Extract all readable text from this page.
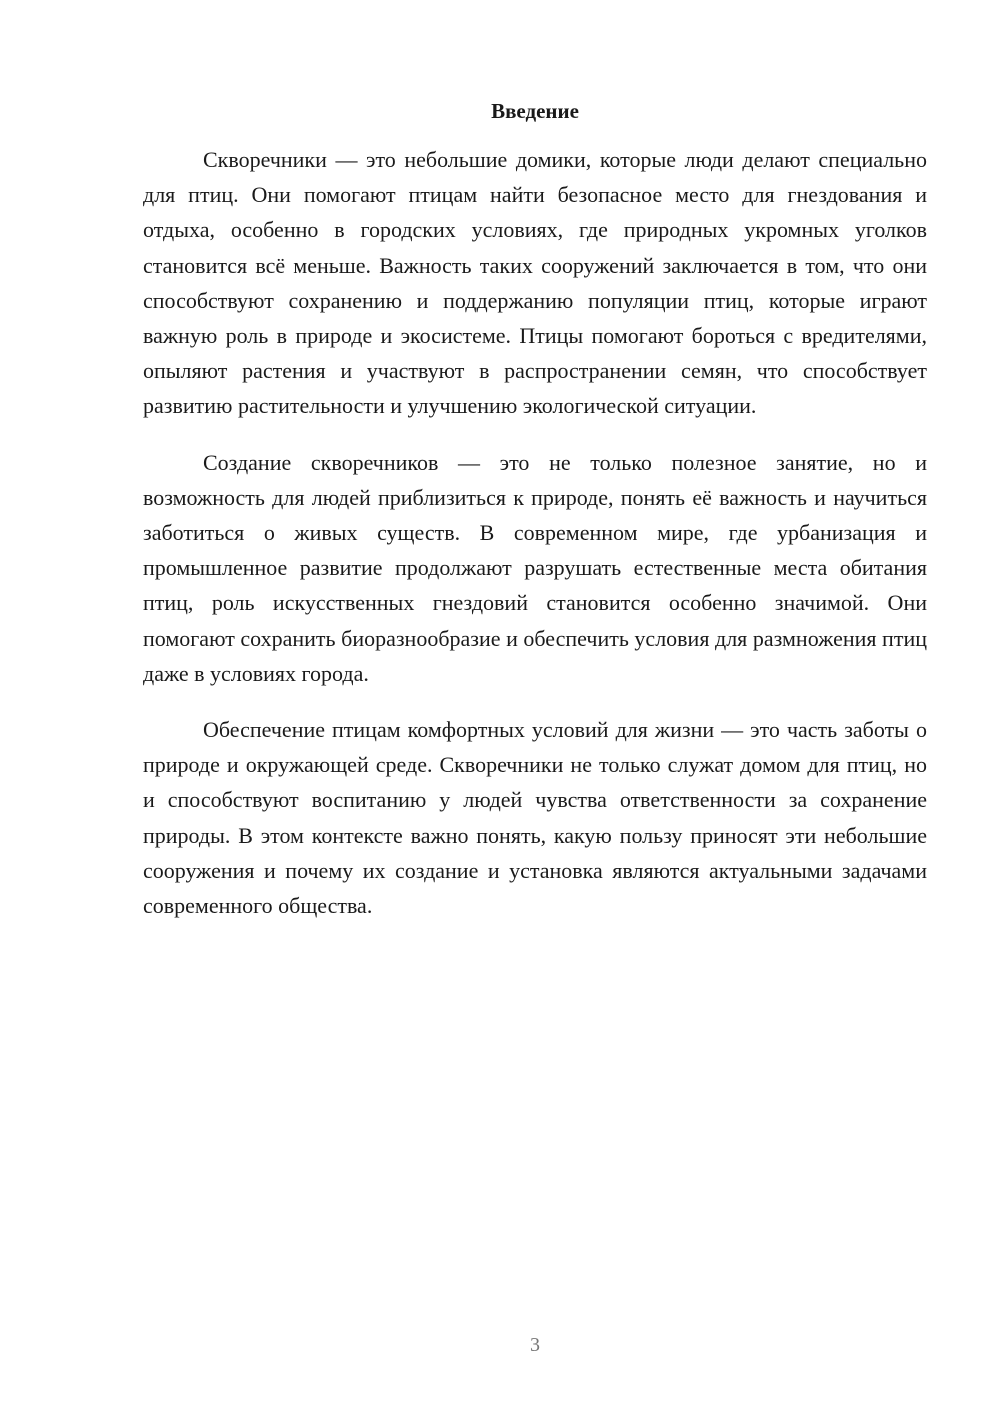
Введение

Скворечники — это небольшие домики, которые люди делают специально для птиц. Они помогают птицам найти безопасное место для гнездования и отдыха, особенно в городских условиях, где природных укромных уголков становится всё меньше. Важность таких сооружений заключается в том, что они способствуют сохранению и поддержанию популяции птиц, которые играют важную роль в природе и экосистеме. Птицы помогают бороться с вредителями, опыляют растения и участвуют в распространении семян, что способствует развитию растительности и улучшению экологической ситуации.

Создание скворечников — это не только полезное занятие, но и возможность для людей приблизиться к природе, понять её важность и научиться заботиться о живых существ. В современном мире, где урбанизация и промышленное развитие продолжают разрушать естественные места обитания птиц, роль искусственных гнездовий становится особенно значимой. Они помогают сохранить биоразнообразие и обеспечить условия для размножения птиц даже в условиях города.

Обеспечение птицам комфортных условий для жизни — это часть заботы о природе и окружающей среде. Скворечники не только служат домом для птиц, но и способствуют воспитанию у людей чувства ответственности за сохранение природы. В этом контексте важно понять, какую пользу приносят эти небольшие сооружения и почему их создание и установка являются актуальными задачами современного общества.

3
